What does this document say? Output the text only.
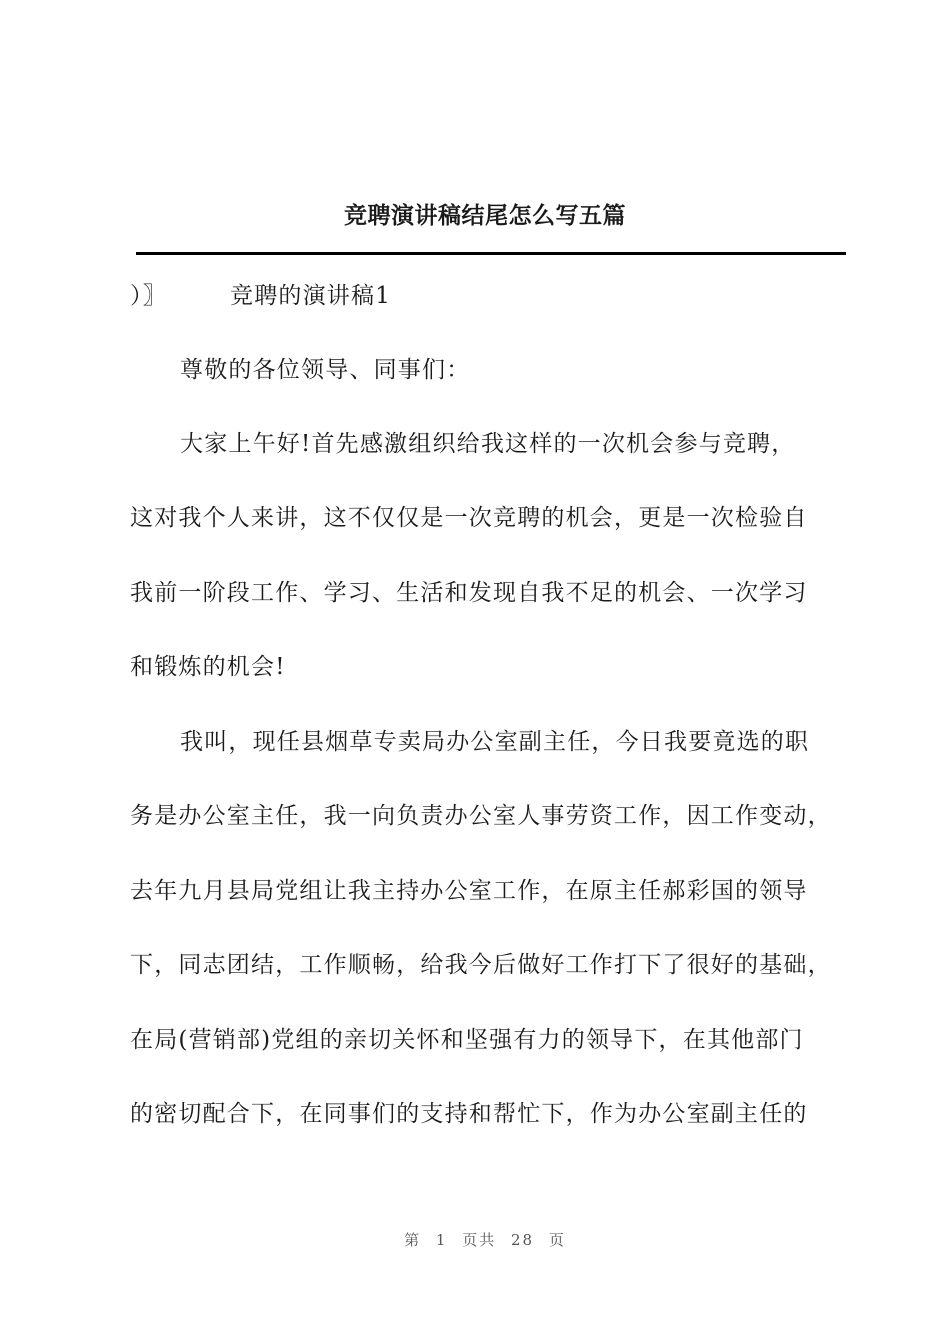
竞聘演讲稿结尾怎么写五篇
）〗	竞聘的演讲稿1
尊敬的各位领导、同事们：
大家上午好!首先感激组织给我这样的一次机会参与竞聘，
这对我个人来讲，这不仅仅是一次竞聘的机会，更是一次检验自
我前一阶段工作、学习、生活和发现自我不足的机会、一次学习
和锻炼的机会!
我叫，现任县烟草专卖局办公室副主任，今日我要竟选的职
务是办公室主任，我一向负责办公室人事劳资工作，因工作变动，
去年九月县局党组让我主持办公室工作，在原主任郝彩国的领导
下，同志团结，工作顺畅，给我今后做好工作打下了很好的基础，
在局(营销部)党组的亲切关怀和坚强有力的领导下，在其他部门
的密切配合下，在同事们的支持和帮忙下，作为办公室副主任的
第 1 页共 28 页
